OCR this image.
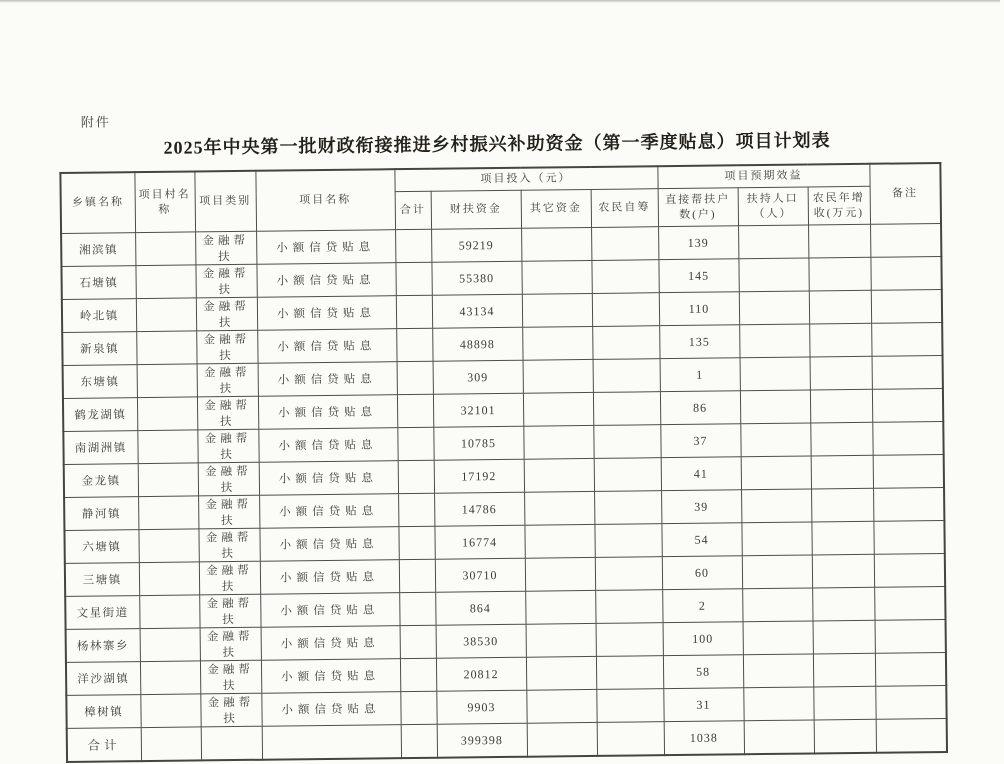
附件
2025年中央第一批财政衔接推进乡村振兴补助资金（第一季度贴息）项目计划表
乡镇名称	项目村名称	项目类别	项目名称	项目投入（元）				项目预期效益			备注
				合计	财扶资金	其它资金	农民自筹	直接帮扶户数(户)	扶持人口（人）	农民年增收(万元)	
湘滨镇		金融帮扶	小额信贷贴息		59219			139			
石塘镇		金融帮扶	小额信贷贴息		55380			145			
岭北镇		金融帮扶	小额信贷贴息		43134			110			
新泉镇		金融帮扶	小额信贷贴息		48898			135			
东塘镇		金融帮扶	小额信贷贴息		309			1			
鹤龙湖镇		金融帮扶	小额信贷贴息		32101			86			
南湖洲镇		金融帮扶	小额信贷贴息		10785			37			
金龙镇		金融帮扶	小额信贷贴息		17192			41			
静河镇		金融帮扶	小额信贷贴息		14786			39			
六塘镇		金融帮扶	小额信贷贴息		16774			54			
三塘镇		金融帮扶	小额信贷贴息		30710			60			
文星街道		金融帮扶	小额信贷贴息		864			2			
杨林寨乡		金融帮扶	小额信贷贴息		38530			100			
洋沙湖镇		金融帮扶	小额信贷贴息		20812			58			
樟树镇		金融帮扶	小额信贷贴息		9903			31			
合计					399398			1038			
